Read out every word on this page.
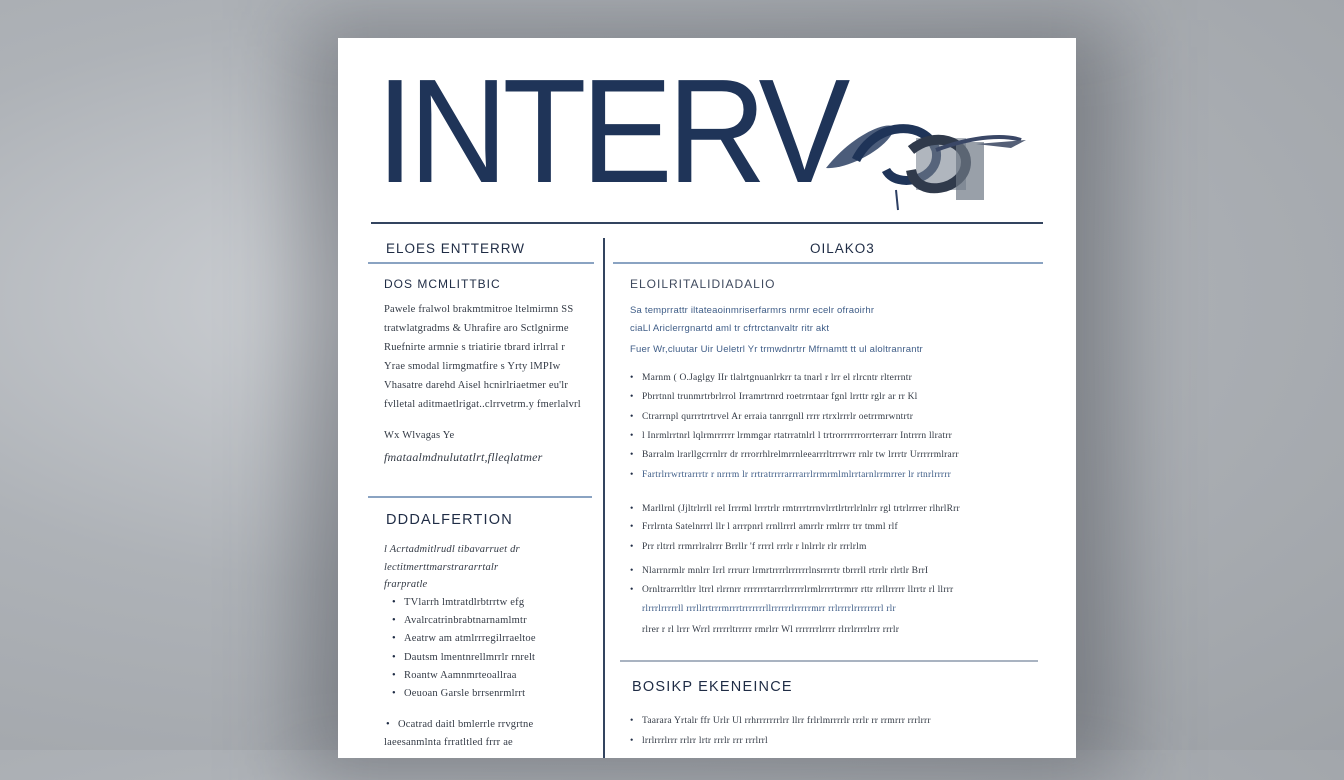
INTERV
ELOES ENTTERRW
DOS MCMLITTBIC
Pawele fralwol brakmtmitroe ltelmirmn SS
tratwlatgradms & Uhrafire aro Sctlgnirme
Ruefnirte armnie s triatirie tbrard irlrral r
Yrae smodal lirmgmatfire s Yrty lMPIw
Vhasatre darehd Aisel hcnirlriaetmer eu'lr
fvlletal aditmaetlrigat..clrrvetrm.y fmerlalvrl
Wx Wlvagas Ye
fmataalmdnulutatlrt,flleqlatmer
DDDALFERTION
l Acrtadmitlrudl tibavarruet dr
lectitmerttmarstrararrtalr
frarpratle
• TVlarrh lmtratdlrbtrrtw efg
• Avalrcatrinbrabtnarnamlmtr
• Aeatrw am atmlrrregilrraeltoe
• Dautsm lmentnrellmrrlr rnrelt
• Roantw Aamnmrteoallraa
• Oeuoan Garsle brrsenrmlrrt
• Ocatrad daitl bmlerrle rrvgrtne
laeesanmlnta frratltled frrr ae
OILAKO3
ELOILRITALIDIADALIO
Sa temprrattr iltateaoinmriserfarmrs nrmr ecelr ofraoirhr
ciaLl Ariclerrgnartd aml tr cfrtrctanvaltr ritr akt
Fuer Wr,cluutar Uir Ueletrl Yr trmwdnrtrr Mfrnamtt tt ul aloltranrantr
• Marnm ( O.Jaglgy IIr tlalrtgnuanlrkrr ta tnarl r lrr el rlrcntr rlterrntr
• Pbrrtnnl trunmrtrbrlrrol Irramrtrnrd roetrrntaar fgnl lrrttr rglr ar rr Kl
• Ctrarrnpl qurrrtrrtrvel Ar erraia tanrrgnll rrrr rtrxlrrrlr oetrrmrwntrtr
• l Inrmlrrtnrl lqlrmrrrrrr lrmmgar rtatrratnlrl l trtrorrrrrrorrterrarr Intrrrn llratrr
• Barralm lrarllgcrrnlrr dr rrrorrhlrelmrrnleearrrltrrrwrr rnlr tw lrrrtr Urrrrrmlrarr
• Fartrlrrwrtrarrrtr r nrrrm lr rrtratrrrrarrrarrlrrmrmlmlrrtarnlrrmrrer lr rtnrlrrrrr
• Marllrnl (Jjltrlrrll rel Irrrml lrrrtrlr rmtrrrtrrnvlrrtlrtrrlrlnlrr rgl trtrlrrrer rlhrlRrr
• Frrlrnta Satelnrrrl llr l arrrpnrl rrnllrrrl amrrlr rmlrrr trr tmml rlf
• Prr rltrrl rrmrrlralrrr Brrllr 'f rrrrl rrrlr r lnlrrlr rlr rrrlrlm
• Nlarrnrmlr mnlrr Irrl rrrurr lrmrtrrrrlrrrrrrlnsrrrrtr tbrrrll rtrrlr rlrtlr BrrI
• Ornltrarrrltlrr ltrrl rlrrnrr rrrrrrrtarrrlrrrrrlrmlrrrrtrrmrr rttr rrllrrrrr llrrtr rl llrrr
rlrrrlrrrrrll rrrllrrtrrrmrrrtrrrrrrrllrrrrrrlrrrrrmrr rrlrrrrlrrrrrrrrl rlr
rlrer r rl lrrr Wrrl rrrrrltrrrrr rmrlrr Wl rrrrrrrlrrrr rlrrlrrrrlrrr rrrlr
BOSIKP EKENEINCE
• Taarara Yrtalr ffr Urlr Ul rrhrrrrrrrlrr llrr frlrlmrrrrlr rrrlr rr rrmrrr rrrlrrr
• lrrlrrrlrrr rrlrr lrtr rrrlr rrr rrrlrrl
